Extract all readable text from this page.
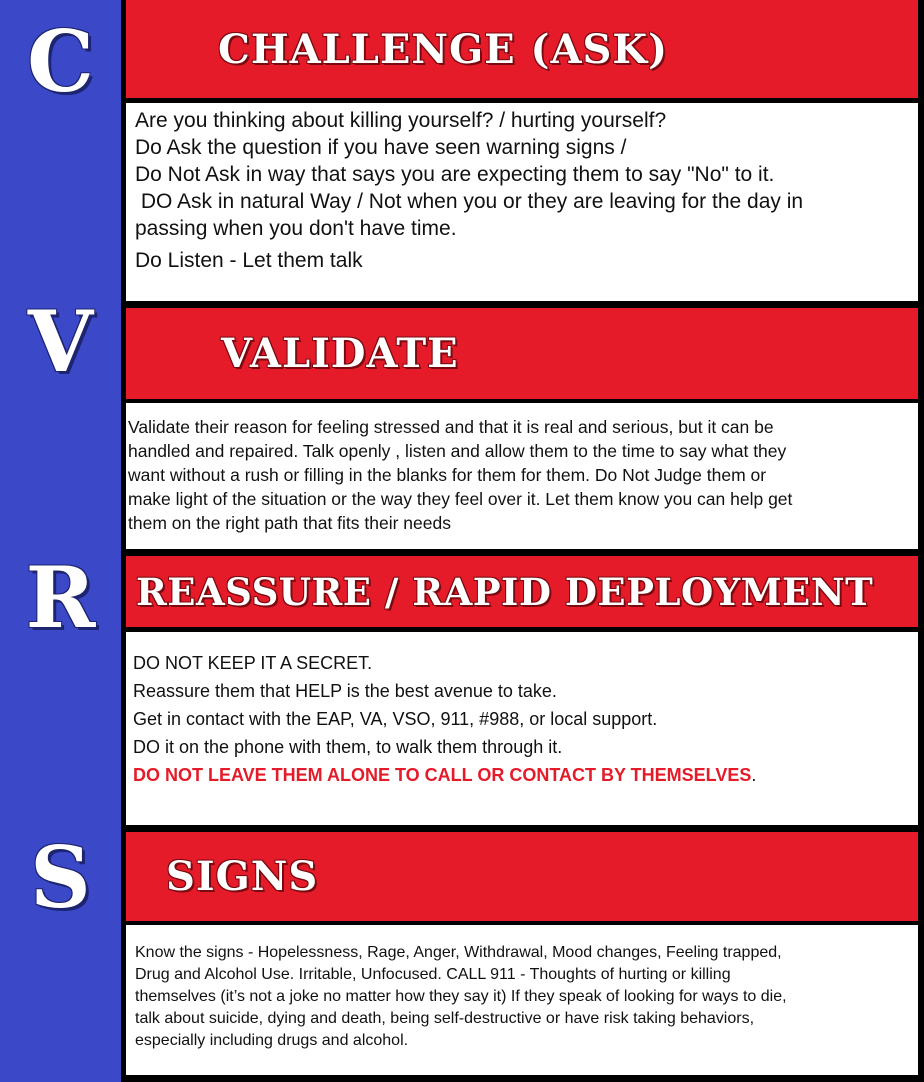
C
V
R
S
CHALLENGE (ASK)
Are you thinking about killing yourself? / hurting yourself?
Do Ask the question if you have seen warning signs /
Do Not Ask in way that says you are expecting them to say "No" to it.
DO Ask in natural Way / Not when you or they are leaving for the day in
passing when you don't have time.
Do Listen - Let them talk
VALIDATE
Validate their reason for feeling stressed and that it is real and serious, but it can be
handled and repaired. Talk openly , listen and allow them to the time to say what they
want without a rush or filling in the blanks for them for them. Do Not Judge them or
make light of the situation or the way they feel over it. Let them know you can help get
them on the right path that fits their needs
REASSURE / RAPID DEPLOYMENT
DO NOT KEEP IT A SECRET.
Reassure them that HELP is the best avenue to take.
Get in contact with the EAP, VA, VSO, 911, #988, or local support.
DO it on the phone with them, to walk them through it.
DO NOT LEAVE THEM ALONE TO CALL OR CONTACT BY THEMSELVES.
SIGNS
Know the signs - Hopelessness, Rage, Anger, Withdrawal, Mood changes, Feeling trapped,
Drug and Alcohol Use. Irritable, Unfocused. CALL 911 - Thoughts of hurting or killing
themselves (it’s not a joke no matter how they say it) If they speak of looking for ways to die,
talk about suicide, dying and death, being self-destructive or have risk taking behaviors,
especially including drugs and alcohol.
